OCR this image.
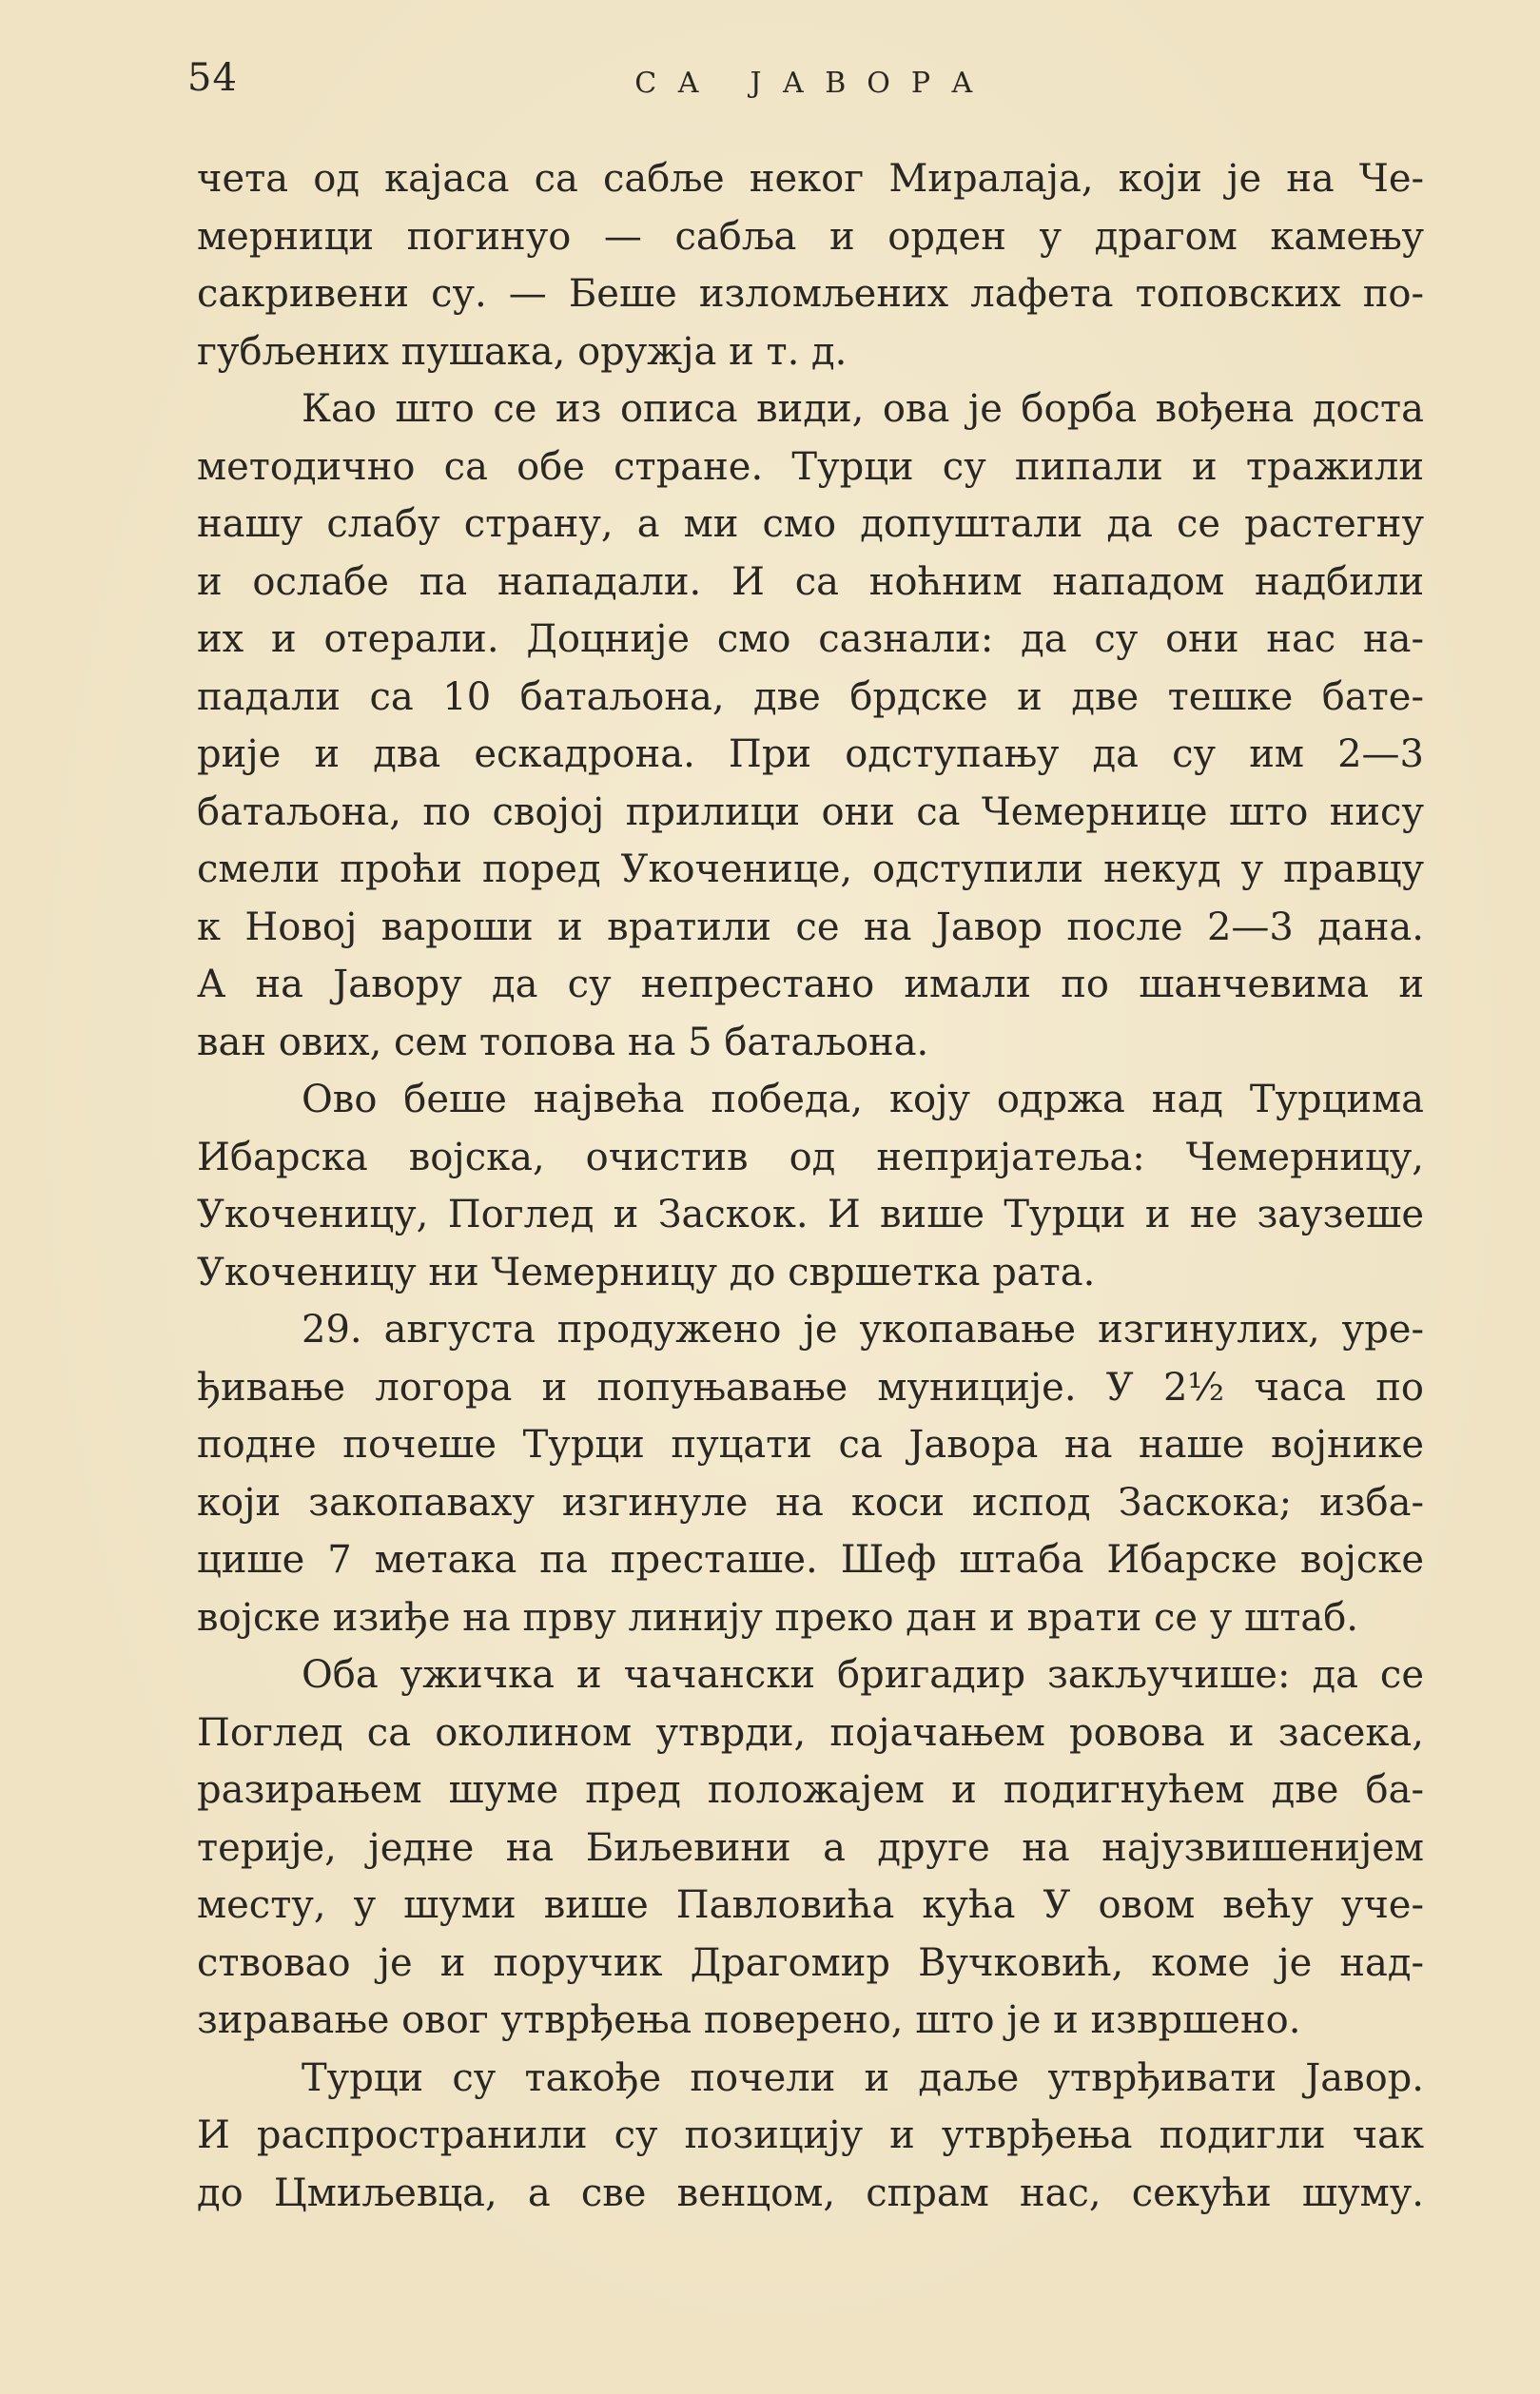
54	СА ЈАВОРА
чета од кајаса са сабље неког Миралаја, који је на Че-
мерници погинуо — сабља и орден у драгом камењу
сакривени су. — Беше изломљених лафета топовских по-
губљених пушака, оружја и т. д.
Као што се из описа види, ова је борба вођена доста
методично са обе стране. Турци су пипали и тражили
нашу слабу страну, а ми смо допуштали да се растегну
и ослабе па нападали. И са ноћним нападом надбили
их и отерали. Доцније смо сазнали: да су они нас на-
падали са 10 батаљона, две брдске и две тешке бате-
рије и два ескадрона. При одступању да су им 2—3
батаљона, по својој прилици они са Чемернице што нису
смели проћи поред Укоченице, одступили некуд у правцу
к Новој вароши и вратили се на Јавор после 2—3 дана.
А на Јавору да су непрестано имали по шанчевима и
ван ових, сем топова на 5 батаљона.
Ово беше највећа победа, коју одржа над Турцима
Ибарска војска, очистив од непријатеља: Чемерницу,
Укоченицу, Поглед и Заскок. И више Турци и не заузеше
Укоченицу ни Чемерницу до свршетка рата.
29. августа продужено је укопавање изгинулих, уре-
ђивање логора и попуњавање муниције. У 2½ часа по
подне почеше Турци пуцати са Јавора на наше војнике
који закопаваху изгинуле на коси испод Заскока; изба-
цише 7 метака па престаше. Шеф штаба Ибарске војске
војске изиђе на прву линију преко дан и врати се у штаб.
Оба ужичка и чачански бригадир закључише: да се
Поглед са околином утврди, појачањем ровова и засека,
разирањем шуме пред положајем и подигнућем две ба-
терије, једне на Биљевини а друге на најузвишенијем
месту, у шуми више Павловића кућа У овом већу уче-
ствовао је и поручик Драгомир Вучковић, коме је над-
зиравање овог утврђења поверено, што је и извршено.
Турци су такође почели и даље утврђивати Јавор.
И распространили су позицију и утврђења подигли чак
до Цмиљевца, а све венцом, спрам нас, секући шуму.
